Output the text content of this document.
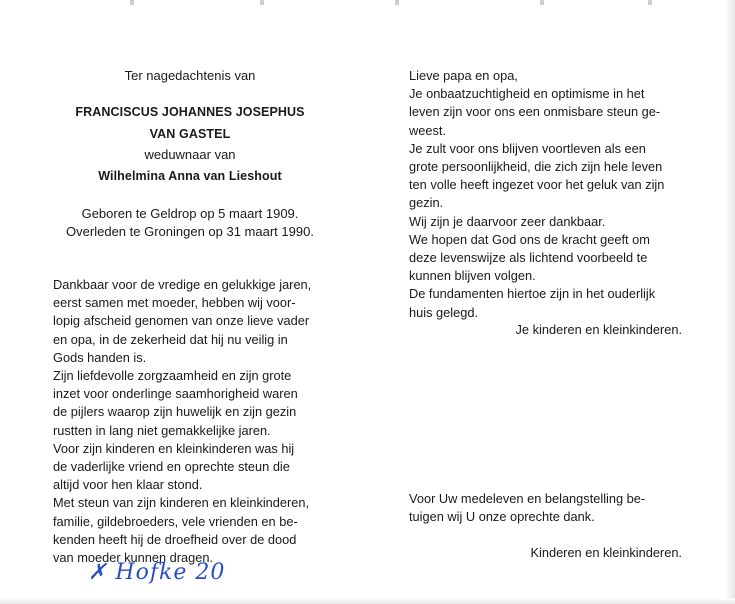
Ter nagedachtenis van
FRANCISCUS JOHANNES JOSEPHUS
VAN GASTEL
weduwnaar van
Wilhelmina Anna van Lieshout
Geboren te Geldrop op 5 maart 1909.
Overleden te Groningen op 31 maart 1990.

Dankbaar voor de vredige en gelukkige jaren,

eerst samen met moeder, hebben wij voor-

lopig afscheid genomen van onze lieve vader

en opa, in de zekerheid dat hij nu veilig in

Gods handen is.

Zijn liefdevolle zorgzaamheid en zijn grote

inzet voor onderlinge saamhorigheid waren

de pijlers waarop zijn huwelijk en zijn gezin

rustten in lang niet gemakkelijke jaren.

Voor zijn kinderen en kleinkinderen was hij

de vaderlijke vriend en oprechte steun die

altijd voor hen klaar stond.

Met steun van zijn kinderen en kleinkinderen,

familie, gildebroeders, vele vrienden en be-

kenden heeft hij de droefheid over de dood

van moeder kunnen dragen.

Lieve papa en opa,

Je onbaatzuchtigheid en optimisme in het

leven zijn voor ons een onmisbare steun ge-

weest.

Je zult voor ons blijven voortleven als een

grote persoonlijkheid, die zich zijn hele leven

ten volle heeft ingezet voor het geluk van zijn

gezin.

Wij zijn je daarvoor zeer dankbaar.

We hopen dat God ons de kracht geeft om

deze levenswijze als lichtend voorbeeld te

kunnen blijven volgen.

De fundamenten hiertoe zijn in het ouderlijk

huis gelegd.

Je kinderen en kleinkinderen.

Voor Uw medeleven en belangstelling be-

tuigen wij U onze oprechte dank.

Kinderen en kleinkinderen.

✗ Hofke 20
